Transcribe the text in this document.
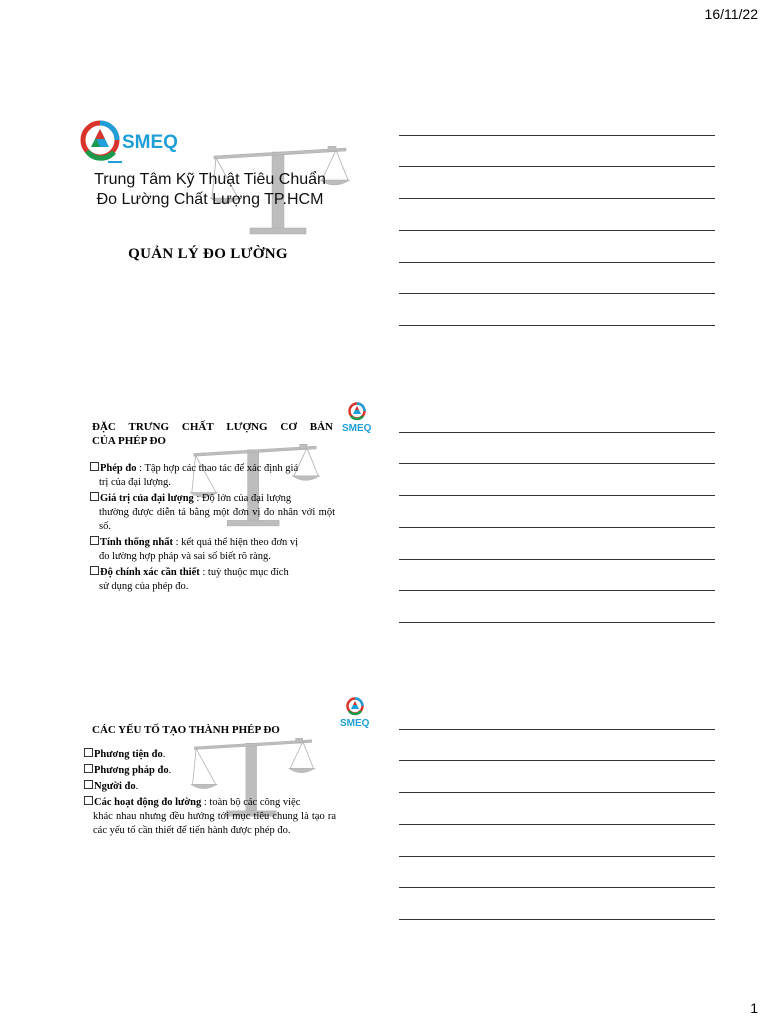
16/11/22
Trung Tâm Kỹ Thuật Tiêu Chuẩn
Đo Lường Chất Lượng TP.HCM
QUẢN LÝ ĐO LƯỜNG
ĐẶC TRƯNG CHẤT LƯỢNG CƠ BẢN
CỦA PHÉP ĐO
Phép đo : Tập hợp các thao tác để xác định giá
trị của đại lượng.
Giá trị của đại lượng : Độ lớn của đại lượng
thường được diễn tả bằng một đơn vị đo nhân với một số.
Tính thống nhất : kết quả thể hiện theo đơn vị
đo lường hợp pháp và sai số biết rõ ràng.
Độ chính xác cần thiết : tuỳ thuộc mục đích
sử dụng của phép đo.
CÁC YẾU TỐ TẠO THÀNH PHÉP ĐO
Phương tiện đo.
Phương pháp đo.
Người đo.
Các hoạt động đo lường : toàn bộ các công việc
khác nhau nhưng đều hướng tới mục tiêu chung là tạo ra các yếu tố cần thiết để tiến hành được phép đo.
1
